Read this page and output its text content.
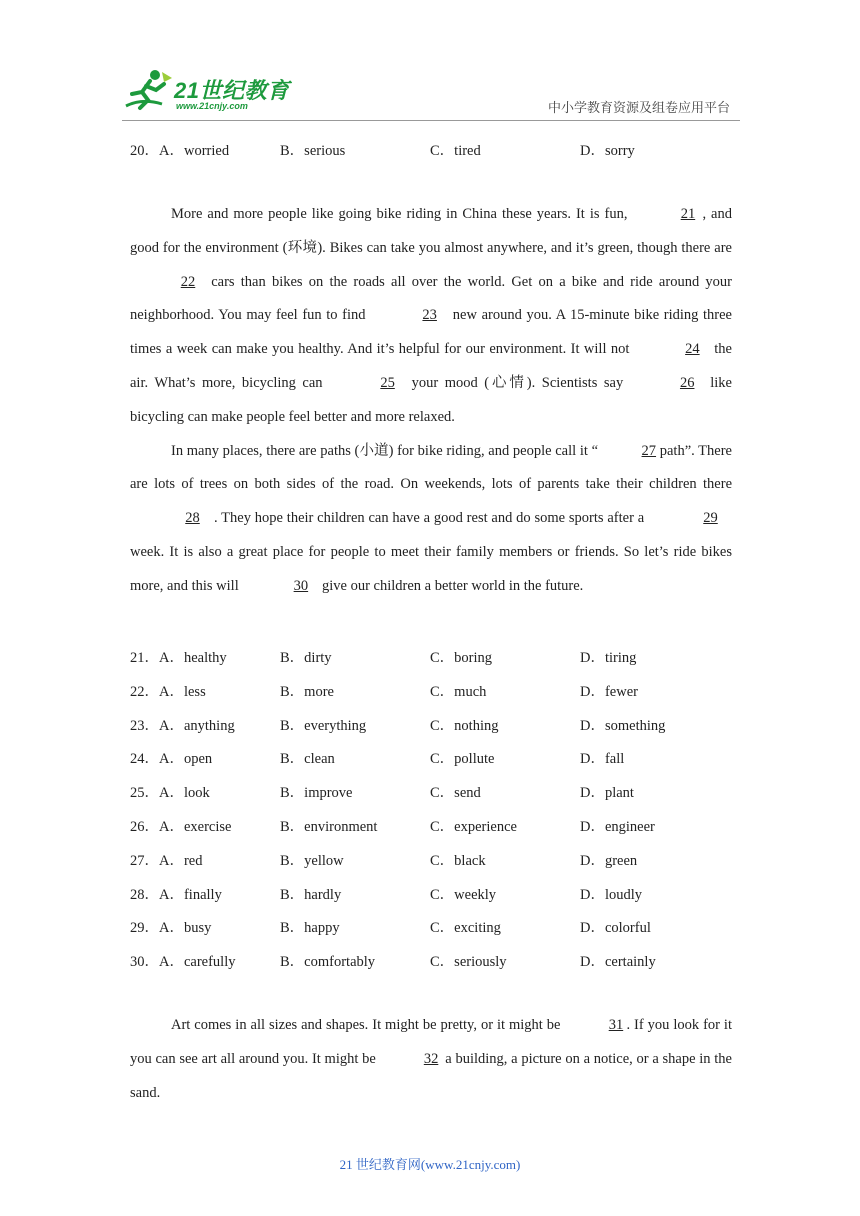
21世纪教育
www.21cnjy.com	中小学教育资源及组卷应用平台
20．A．worried	B．serious	C．tired	D．sorry

More and more people like going bike riding in China these years. It is fun,	21 , and good for the environment (环境). Bikes can take you almost anywhere, and it’s green, though there are 22 cars than bikes on the roads all over the world. Get on a bike and ride around your neighborhood. You may feel fun to find	23 new around you. A 15-minute bike riding three times a week can make you healthy. And it’s helpful for our environment. It will not	24 the air. What’s more, bicycling can	25 your mood (心情). Scientists say	26 like bicycling can make people feel better and more relaxed.

In many places, there are paths (小道) for bike riding, and people call it “	27 path”. There are lots of trees on both sides of the road. On weekends, lots of parents take their children there 28 . They hope their children can have a good rest and do some sports after a	29 week. It is also a great place for people to meet their family members or friends. So let’s ride bikes more, and this will	30 give our children a better world in the future.

21．A．healthy	B．dirty	C．boring	D．tiring
22．A．less	B．more	C．much	D．fewer
23．A．anything	B．everything	C．nothing	D．something
24．A．open	B．clean	C．pollute	D．fall
25．A．look	B．improve	C．send	D．plant
26．A．exercise	B．environment	C．experience	D．engineer
27．A．red	B．yellow	C．black	D．green
28．A．finally	B．hardly	C．weekly	D．loudly
29．A．busy	B．happy	C．exciting	D．colorful
30．A．carefully	B．comfortably	C．seriously	D．certainly

Art comes in all sizes and shapes. It might be pretty, or it might be	31 . If you look for it you can see art all around you. It might be	32 a building, a picture on a notice, or a shape in the sand.

21 世纪教育网(www.21cnjy.com)
